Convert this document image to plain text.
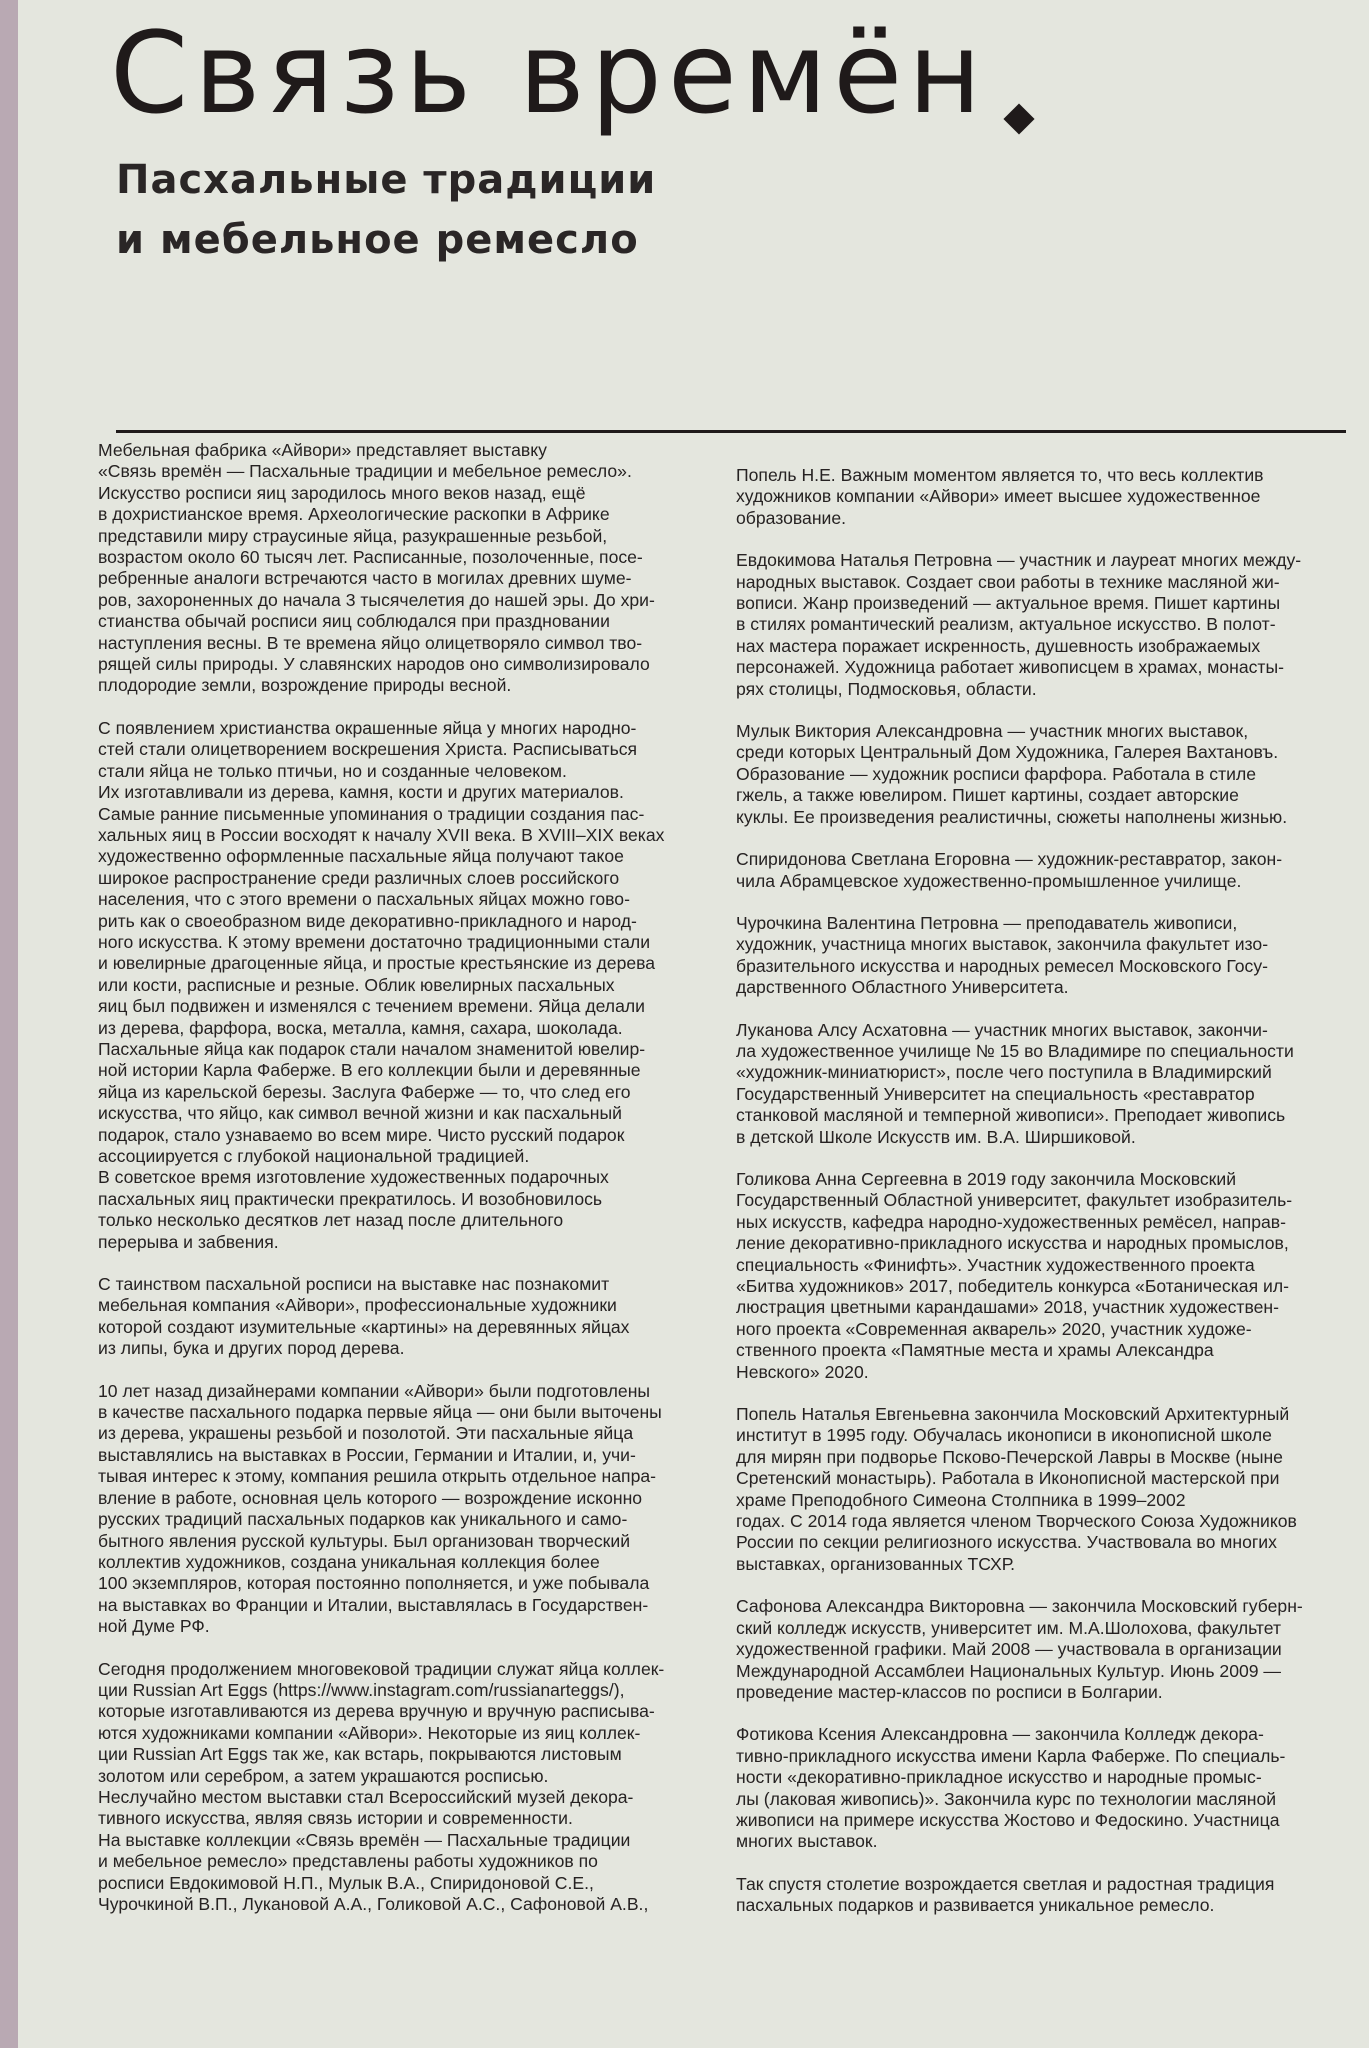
Связь времён
Пасхальные традиции
и мебельное ремесло

Мебельная фабрика «Айвори» представляет выставку
«Связь времён — Пасхальные традиции и мебельное ремесло».
Искусство росписи яиц зародилось много веков назад, ещё
в дохристианское время. Археологические раскопки в Африке
представили миру страусиные яйца, разукрашенные резьбой,
возрастом около 60 тысяч лет. Расписанные, позолоченные, посе-
ребренные аналоги встречаются часто в могилах древних шуме-
ров, захороненных до начала 3 тысячелетия до нашей эры. До хри-
стианства обычай росписи яиц соблюдался при праздновании
наступления весны. В те времена яйцо олицетворяло символ тво-
рящей силы природы. У славянских народов оно символизировало
плодородие земли, возрождение природы весной.

С появлением христианства окрашенные яйца у многих народно-
стей стали олицетворением воскрешения Христа. Расписываться
стали яйца не только птичьи, но и созданные человеком.
Их изготавливали из дерева, камня, кости и других материалов.
Самые ранние письменные упоминания о традиции создания пас-
хальных яиц в России восходят к началу XVII века. В XVIII–XIX веках
художественно оформленные пасхальные яйца получают такое
широкое распространение среди различных слоев российского
населения, что с этого времени о пасхальных яйцах можно гово-
рить как о своеобразном виде декоративно-прикладного и народ-
ного искусства. К этому времени достаточно традиционными стали
и ювелирные драгоценные яйца, и простые крестьянские из дерева
или кости, расписные и резные. Облик ювелирных пасхальных
яиц был подвижен и изменялся с течением времени. Яйца делали
из дерева, фарфора, воска, металла, камня, сахара, шоколада.
Пасхальные яйца как подарок стали началом знаменитой ювелир-
ной истории Карла Фаберже. В его коллекции были и деревянные
яйца из карельской березы. Заслуга Фаберже — то, что след его
искусства, что яйцо, как символ вечной жизни и как пасхальный
подарок, стало узнаваемо во всем мире. Чисто русский подарок
ассоциируется с глубокой национальной традицией.
В советское время изготовление художественных подарочных
пасхальных яиц практически прекратилось. И возобновилось
только несколько десятков лет назад после длительного
перерыва и забвения.

С таинством пасхальной росписи на выставке нас познакомит
мебельная компания «Айвори», профессиональные художники
которой создают изумительные «картины» на деревянных яйцах
из липы, бука и других пород дерева.

10 лет назад дизайнерами компании «Айвори» были подготовлены
в качестве пасхального подарка первые яйца — они были выточены
из дерева, украшены резьбой и позолотой. Эти пасхальные яйца
выставлялись на выставках в России, Германии и Италии, и, учи-
тывая интерес к этому, компания решила открыть отдельное напра-
вление в работе, основная цель которого — возрождение исконно
русских традиций пасхальных подарков как уникального и само-
бытного явления русской культуры. Был организован творческий
коллектив художников, создана уникальная коллекция более
100 экземпляров, которая постоянно пополняется, и уже побывала
на выставках во Франции и Италии, выставлялась в Государствен-
ной Думе РФ.

Сегодня продолжением многовековой традиции служат яйца коллек-
ции Russian Art Eggs (https://www.instagram.com/russianarteggs/),
которые изготавливаются из дерева вручную и вручную расписыва-
ются художниками компании «Айвори». Некоторые из яиц коллек-
ции Russian Art Eggs так же, как встарь, покрываются листовым
золотом или серебром, а затем украшаются росписью.
Неслучайно местом выставки стал Всероссийский музей декора-
тивного искусства, являя связь истории и современности.
На выставке коллекции «Связь времён — Пасхальные традиции
и мебельное ремесло» представлены работы художников по
росписи Евдокимовой Н.П., Мулык В.А., Спиридоновой С.Е.,
Чурочкиной В.П., Лукановой А.А., Голиковой А.С., Сафоновой А.В.,

Попель Н.Е. Важным моментом является то, что весь коллектив
художников компании «Айвори» имеет высшее художественное
образование.

Евдокимова Наталья Петровна — участник и лауреат многих между-
народных выставок. Создает свои работы в технике масляной жи-
вописи. Жанр произведений — актуальное время. Пишет картины
в стилях романтический реализм, актуальное искусство. В полот-
нах мастера поражает искренность, душевность изображаемых
персонажей. Художница работает живописцем в храмах, монасты-
рях столицы, Подмосковья, области.

Мулык Виктория Александровна — участник многих выставок,
среди которых Центральный Дом Художника, Галерея Вахтановъ.
Образование — художник росписи фарфора. Работала в стиле
гжель, а также ювелиром. Пишет картины, создает авторские
куклы. Ее произведения реалистичны, сюжеты наполнены жизнью.

Спиридонова Светлана Егоровна — художник-реставратор, закон-
чила Абрамцевское художественно-промышленное училище.

Чурочкина Валентина Петровна — преподаватель живописи,
художник, участница многих выставок, закончила факультет изо-
бразительного искусства и народных ремесел Московского Госу-
дарственного Областного Университета.

Луканова Алсу Асхатовна — участник многих выставок, закончи-
ла художественное училище № 15 во Владимире по специальности
«художник-миниатюрист», после чего поступила в Владимирский
Государственный Университет на специальность «реставратор
станковой масляной и темперной живописи». Преподает живопись
в детской Школе Искусств им. В.А. Ширшиковой.

Голикова Анна Сергеевна в 2019 году закончила Московский
Государственный Областной университет, факультет изобразитель-
ных искусств, кафедра народно-художественных ремёсел, направ-
ление декоративно-прикладного искусства и народных промыслов,
специальность «Финифть». Участник художественного проекта
«Битва художников» 2017, победитель конкурса «Ботаническая ил-
люстрация цветными карандашами» 2018, участник художествен-
ного проекта «Современная акварель» 2020, участник художе-
ственного проекта «Памятные места и храмы Александра
Невского» 2020.

Попель Наталья Евгеньевна закончила Московский Архитектурный
институт в 1995 году. Обучалась иконописи в иконописной школе
для мирян при подворье Псково-Печерской Лавры в Москве (ныне
Сретенский монастырь). Работала в Иконописной мастерской при
храме Преподобного Симеона Столпника в 1999–2002
годах. С 2014 года является членом Творческого Союза Художников
России по секции религиозного искусства. Участвовала во многих
выставках, организованных ТСХР.

Сафонова Александра Викторовна — закончила Московский губерн-
ский колледж искусств, университет им. М.А.Шолохова, факультет
художественной графики. Май 2008 — участвовала в организации
Международной Ассамблеи Национальных Культур. Июнь 2009 —
проведение мастер-классов по росписи в Болгарии.

Фотикова Ксения Александровна — закончила Колледж декора-
тивно-прикладного искусства имени Карла Фаберже. По специаль-
ности «декоративно-прикладное искусство и народные промыс-
лы (лаковая живопись)». Закончила курс по технологии масляной
живописи на примере искусства Жостово и Федоскино. Участница
многих выставок.

Так спустя столетие возрождается светлая и радостная традиция
пасхальных подарков и развивается уникальное ремесло.
